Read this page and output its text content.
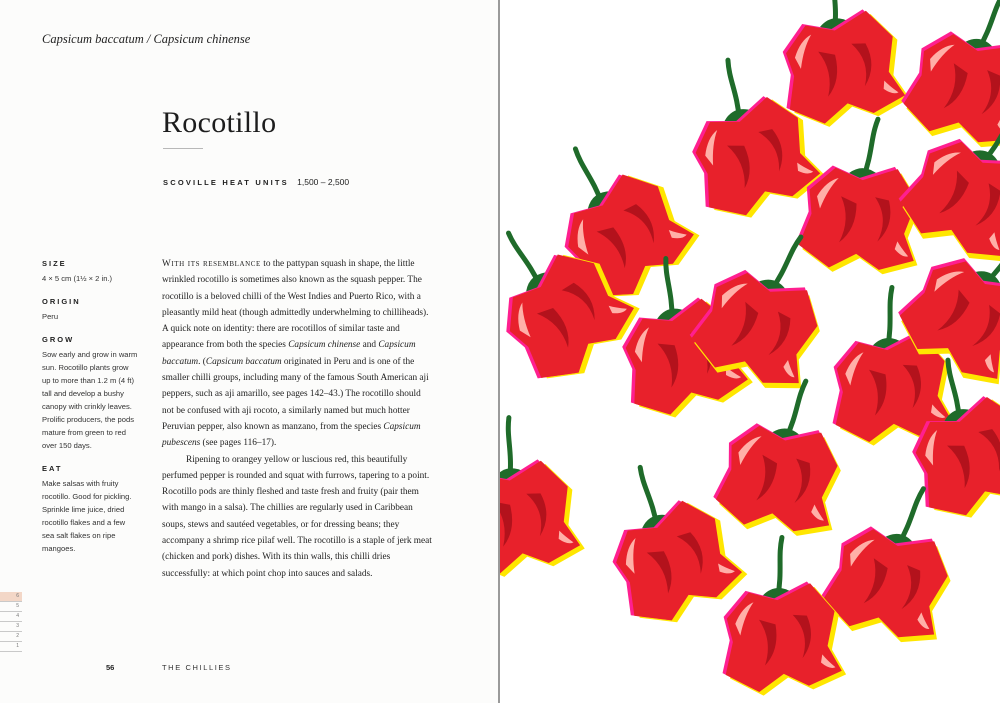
Capsicum baccatum / Capsicum chinense
Rocotillo
SCOVILLE HEAT UNITS 1,500 – 2,500
SIZE
4 × 5 cm (1½ × 2 in.)
ORIGIN
Peru
GROW
Sow early and grow in warm
sun. Rocotillo plants grow
up to more than 1.2 m (4 ft)
tall and develop a bushy
canopy with crinkly leaves.
Prolific producers, the pods
mature from green to red
over 150 days.
EAT
Make salsas with fruity
rocotillo. Good for pickling.
Sprinkle lime juice, dried
rocotillo flakes and a few
sea salt flakes on ripe
mangoes.

With its resemblance to the pattypan squash in shape, the little wrinkled rocotillo is sometimes also known as the squash pepper. The rocotillo is a beloved chilli of the West Indies and Puerto Rico, with a pleasantly mild heat (though admittedly underwhelming to chilliheads). A quick note on identity: there are rocotillos of similar taste and appearance from both the species Capsicum chinense and Capsicum baccatum. (Capsicum baccatum originated in Peru and is one of the smaller chilli groups, including many of the famous South American aji peppers, such as aji amarillo, see pages 142–43.) The rocotillo should not be confused with aji rocoto, a similarly named but much hotter Peruvian pepper, also known as manzano, from the species Capsicum pubescens (see pages 116–17).

Ripening to orangey yellow or luscious red, this beautifully perfumed pepper is rounded and squat with furrows, tapering to a point. Rocotillo pods are thinly fleshed and taste fresh and fruity (pair them with mango in a salsa). The chillies are regularly used in Caribbean soups, stews and sautéed vegetables, or for dressing beans; they accompany a shrimp rice pilaf well. The rocotillo is a staple of jerk meat (chicken and pork) dishes. With its thin walls, this chilli dries successfully: at which point chop into sauces and salads.

6
5
4
3
2
1
56	THE CHILLIES
